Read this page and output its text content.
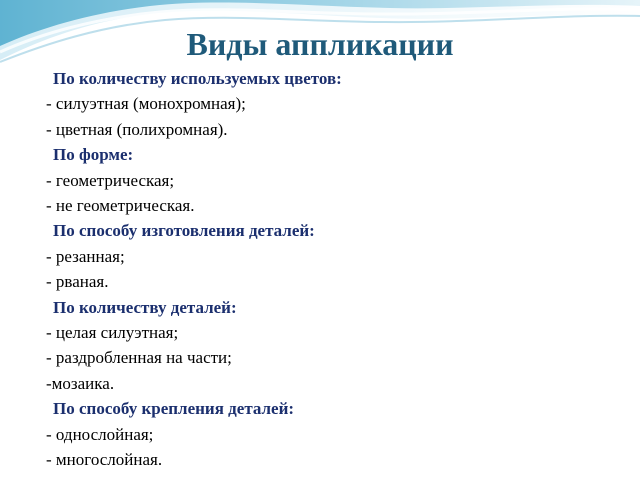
Виды аппликации
По количеству используемых цветов:
- силуэтная (монохромная);
- цветная (полихромная).
По форме:
- геометрическая;
- не геометрическая.
По способу изготовления деталей:
- резанная;
- рваная.
По количеству деталей:
- целая силуэтная;
- раздробленная на части;
-мозаика.
По способу крепления деталей:
- однослойная;
- многослойная.
